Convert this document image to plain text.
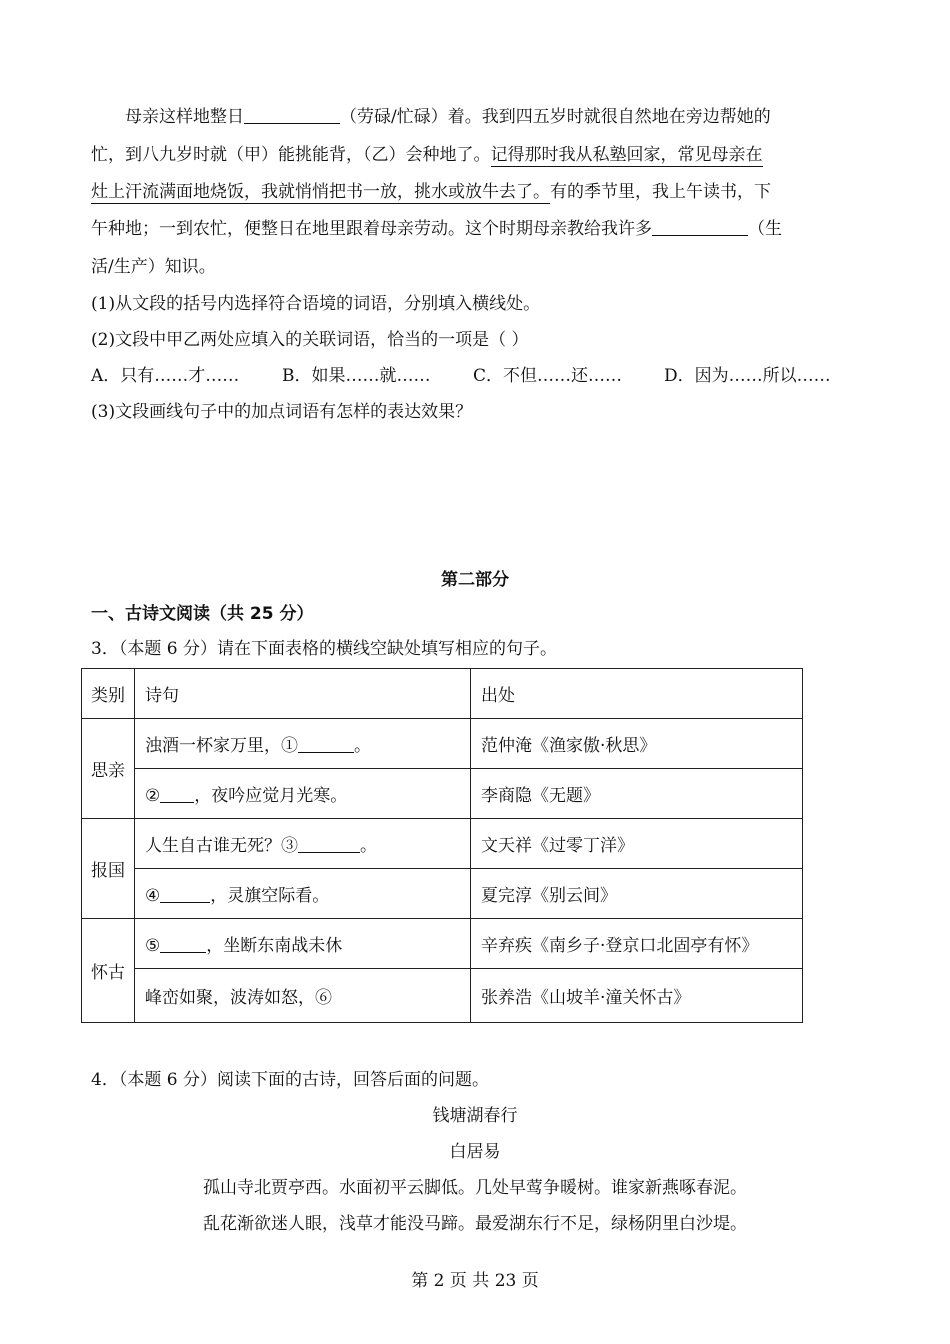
母亲这样地整日	（劳碌/忙碌）着。我到四五岁时就很自然地在旁边帮她的
忙，到八九岁时就（甲）能挑能背，（乙）会种地了。记得那时我从私塾回家，常见母亲在
灶上汗流满面地烧饭，我就悄悄把书一放，挑水或放牛去了。有的季节里，我上午读书，下
午种地；一到农忙，便整日在地里跟着母亲劳动。这个时期母亲教给我许多	（生
活/生产）知识。
(1)从文段的括号内选择符合语境的词语，分别填入横线处。
(2)文段中甲乙两处应填入的关联词语，恰当的一项是（ ）
A．只有……才……	B．如果……就……	C．不但……还…… D．因为……所以……
(3)文段画线句子中的加点词语有怎样的表达效果？
第二部分
一、古诗文阅读（共 25 分）
3．（本题 6 分）请在下面表格的横线空缺处填写相应的句子。
类别	诗句	出处
思亲	浊酒一杯家万里，① 。	范仲淹《渔家傲·秋思》
	② ，夜吟应觉月光寒。	李商隐《无题》
报国	人生自古谁无死？③ 。	文天祥《过零丁洋》
	④ ，灵旗空际看。	夏完淳《别云间》
怀古	⑤ ，坐断东南战未休	辛弃疾《南乡子·登京口北固亭有怀》
	峰峦如聚，波涛如怒，⑥	张养浩《山坡羊·潼关怀古》
4．（本题 6 分）阅读下面的古诗，回答后面的问题。
钱塘湖春行
白居易
孤山寺北贾亭西。水面初平云脚低。几处早莺争暖树。谁家新燕啄春泥。
乱花渐欲迷人眼，浅草才能没马蹄。最爱湖东行不足，绿杨阴里白沙堤。
第 2 页 共 23 页
